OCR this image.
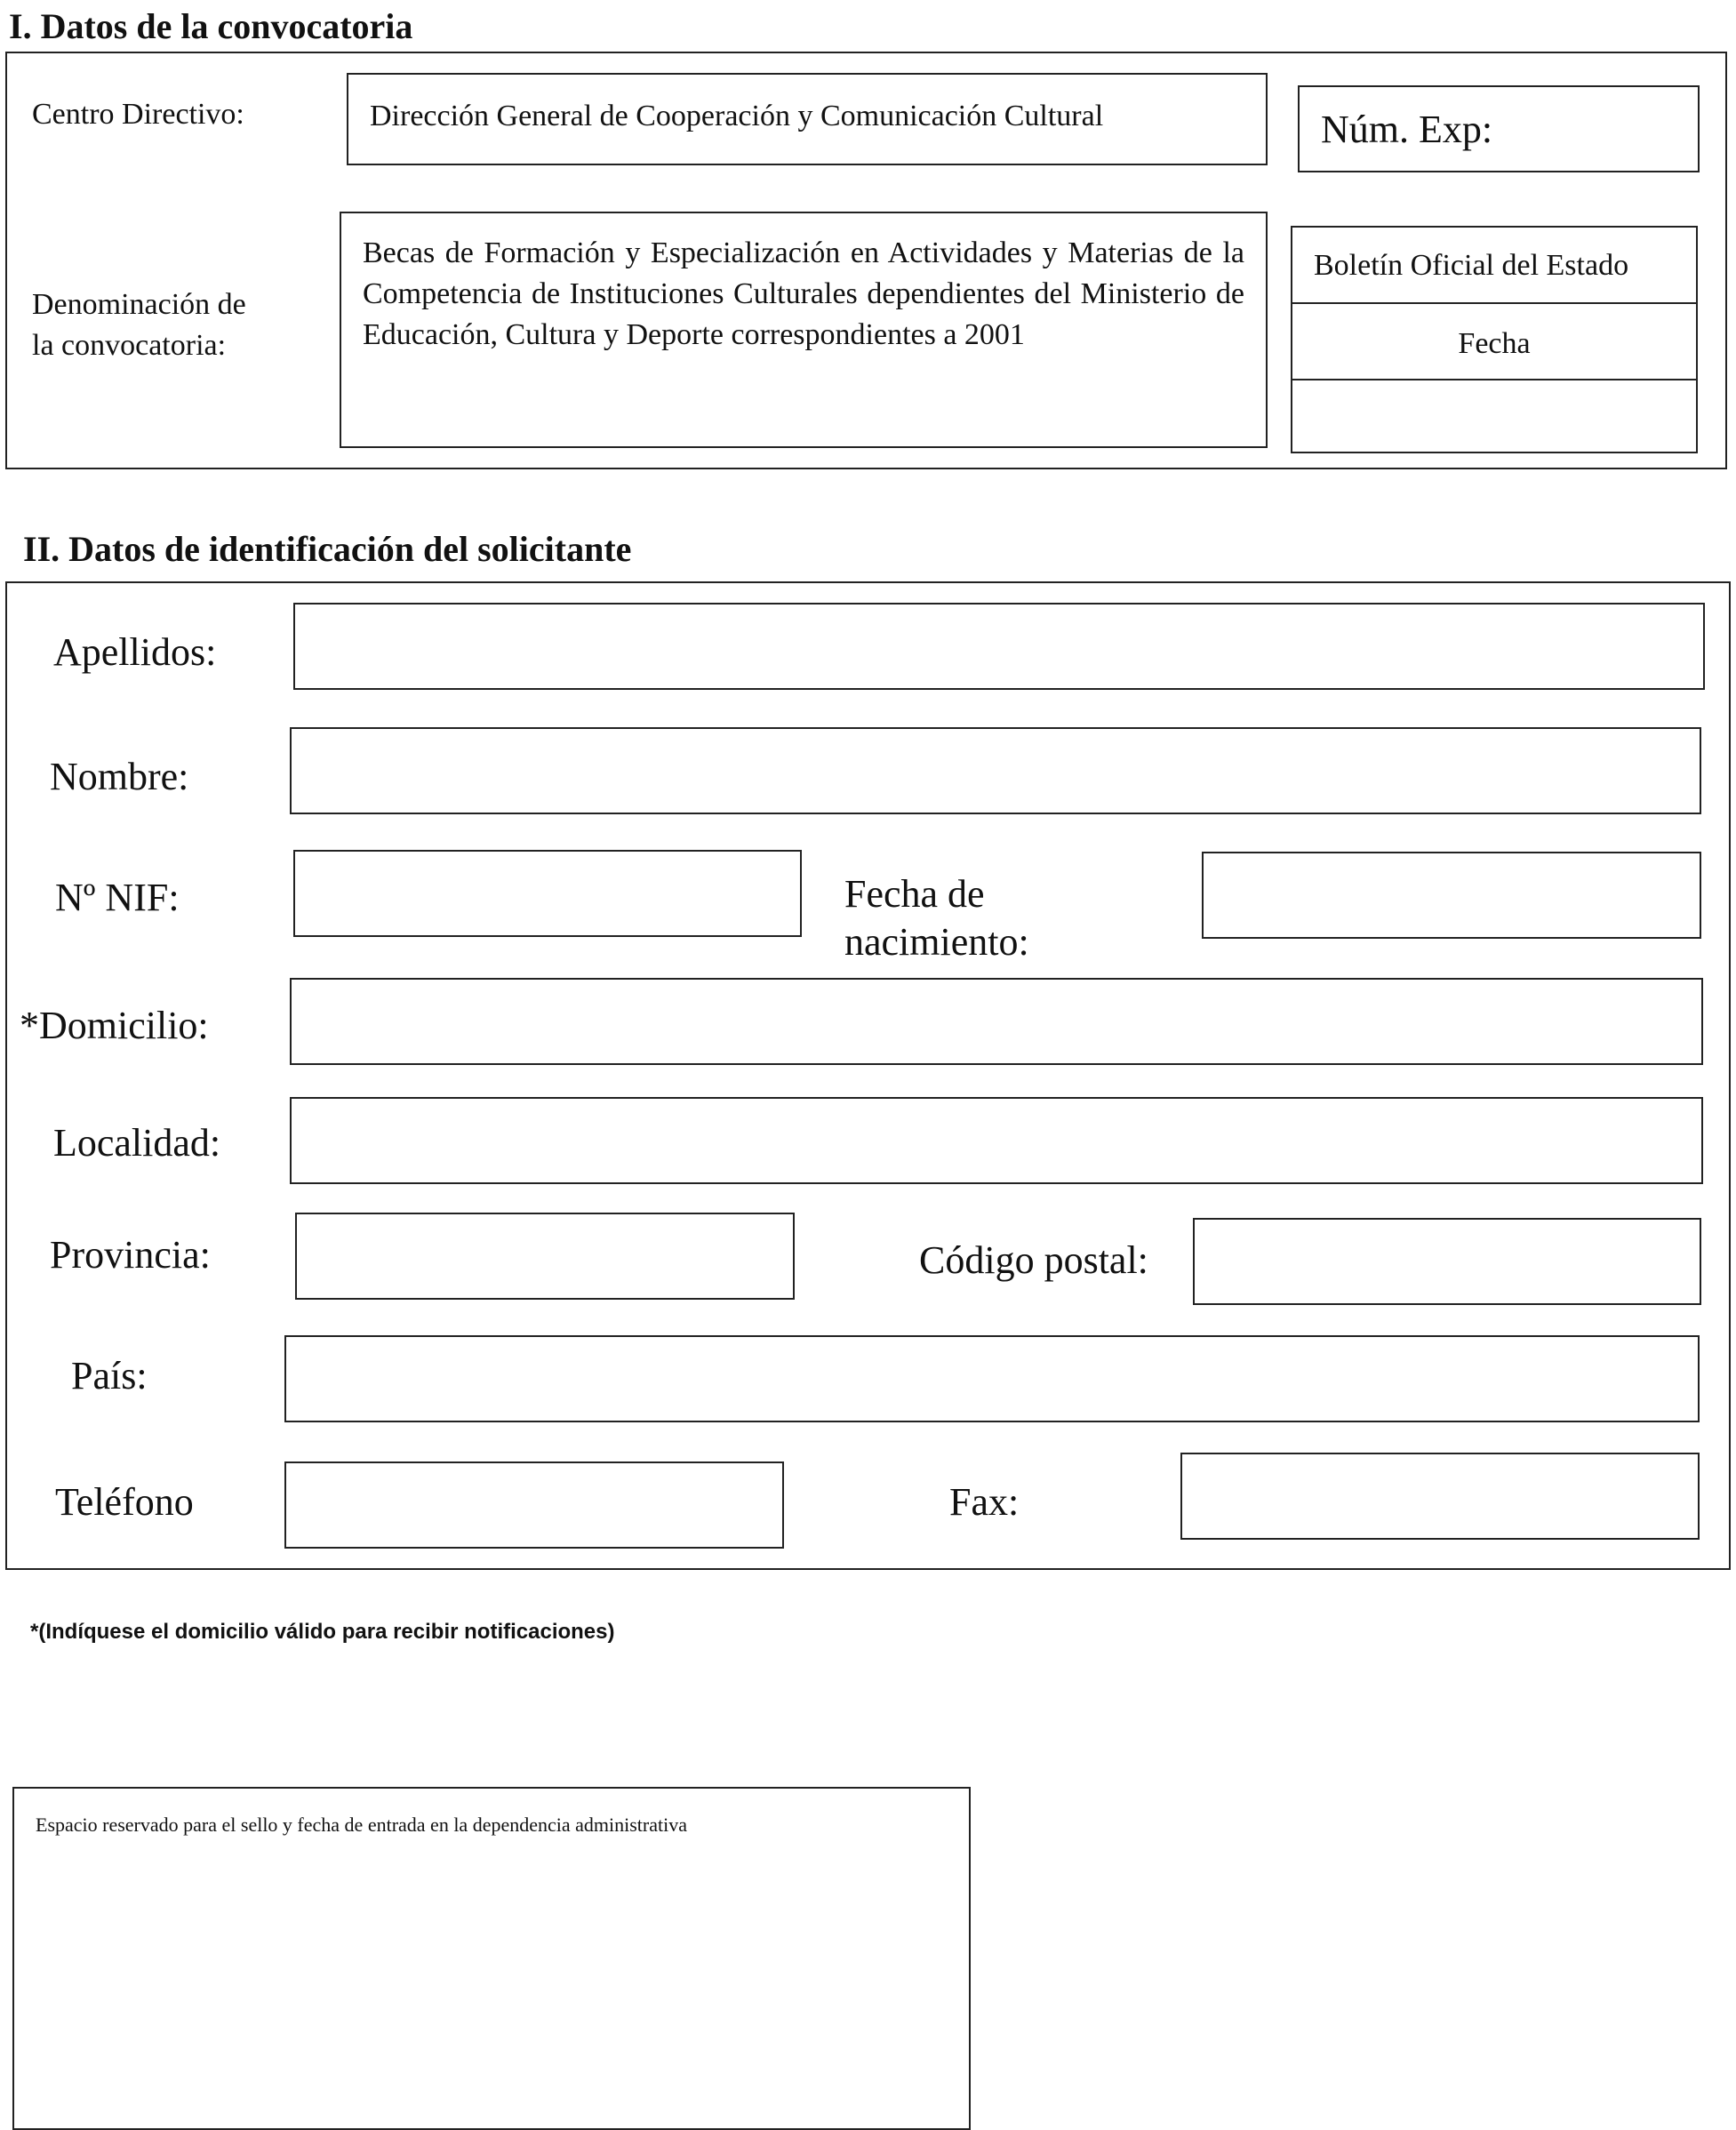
I. Datos de la convocatoria
Centro Directivo:	Dirección General de Cooperación y Comunicación Cultural	Núm. Exp:
Denominación de
la convocatoria:
Becas de Formación y Especialización en Actividades y Materias de la Competencia de Instituciones Culturales dependientes del Ministerio de Educación, Cultura y Deporte correspondientes a 2001
Boletín Oficial del Estado
Fecha
II. Datos de identificación del solicitante
Apellidos:
Nombre:
Nº NIF:	Fecha de
nacimiento:
*Domicilio:
Localidad:
Provincia:	Código postal:
País:
Teléfono	Fax:
*(Indíquese el domicilio válido para recibir notificaciones)
Espacio reservado para el sello y fecha de entrada en la dependencia administrativa
